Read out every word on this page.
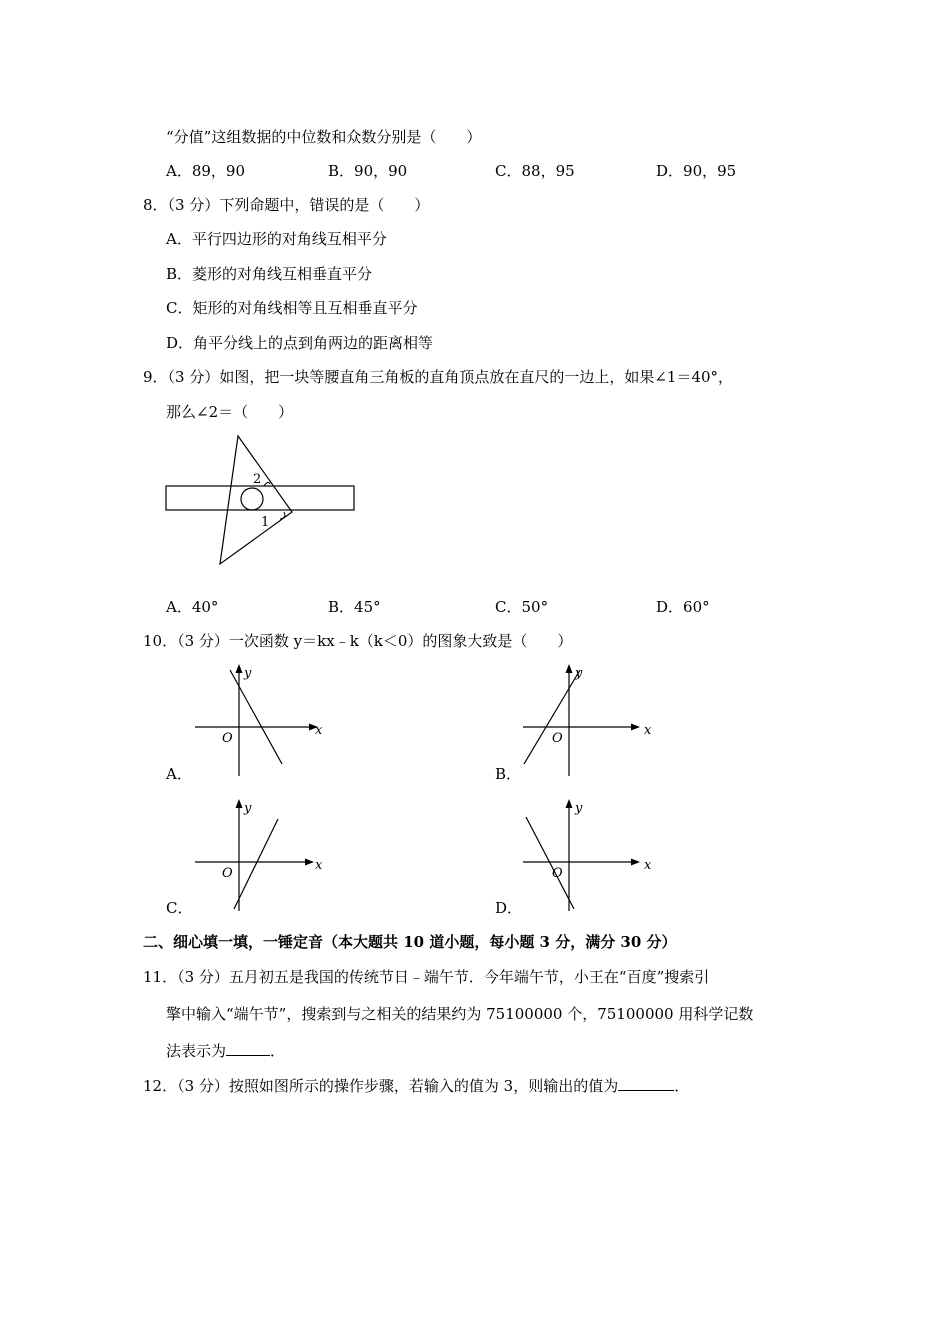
“分值”这组数据的中位数和众数分别是（　　）
A．89，90	B．90，90	C．88，95	D．90，95
8．（3 分）下列命题中，错误的是（　　）
A．平行四边形的对角线互相平分
B．菱形的对角线互相垂直平分
C．矩形的对角线相等且互相垂直平分
D．角平分线上的点到角两边的距离相等
9．（3 分）如图，把一块等腰直角三角板的直角顶点放在直尺的一边上，如果∠1＝40°，
那么∠2＝（　　）
2
1
A．40°	B．45°	C．50°	D．60°
10．（3 分）一次函数 y＝kx﹣k（k＜0）的图象大致是（　　）
A．	B．
C．	D．
x
y
O
x
y
O
x
y
O
x
y
O
二、细心填一填，一锤定音（本大题共 10 道小题，每小题 3 分，满分 30 分）
11．（3 分）五月初五是我国的传统节日﹣端午节．今年端午节，小王在“百度”搜索引
擎中输入“端午节”，搜索到与之相关的结果约为 75100000 个，75100000 用科学记数
法表示为	．
12．（3 分）按照如图所示的操作步骤，若输入的值为 3，则输出的值为	．
